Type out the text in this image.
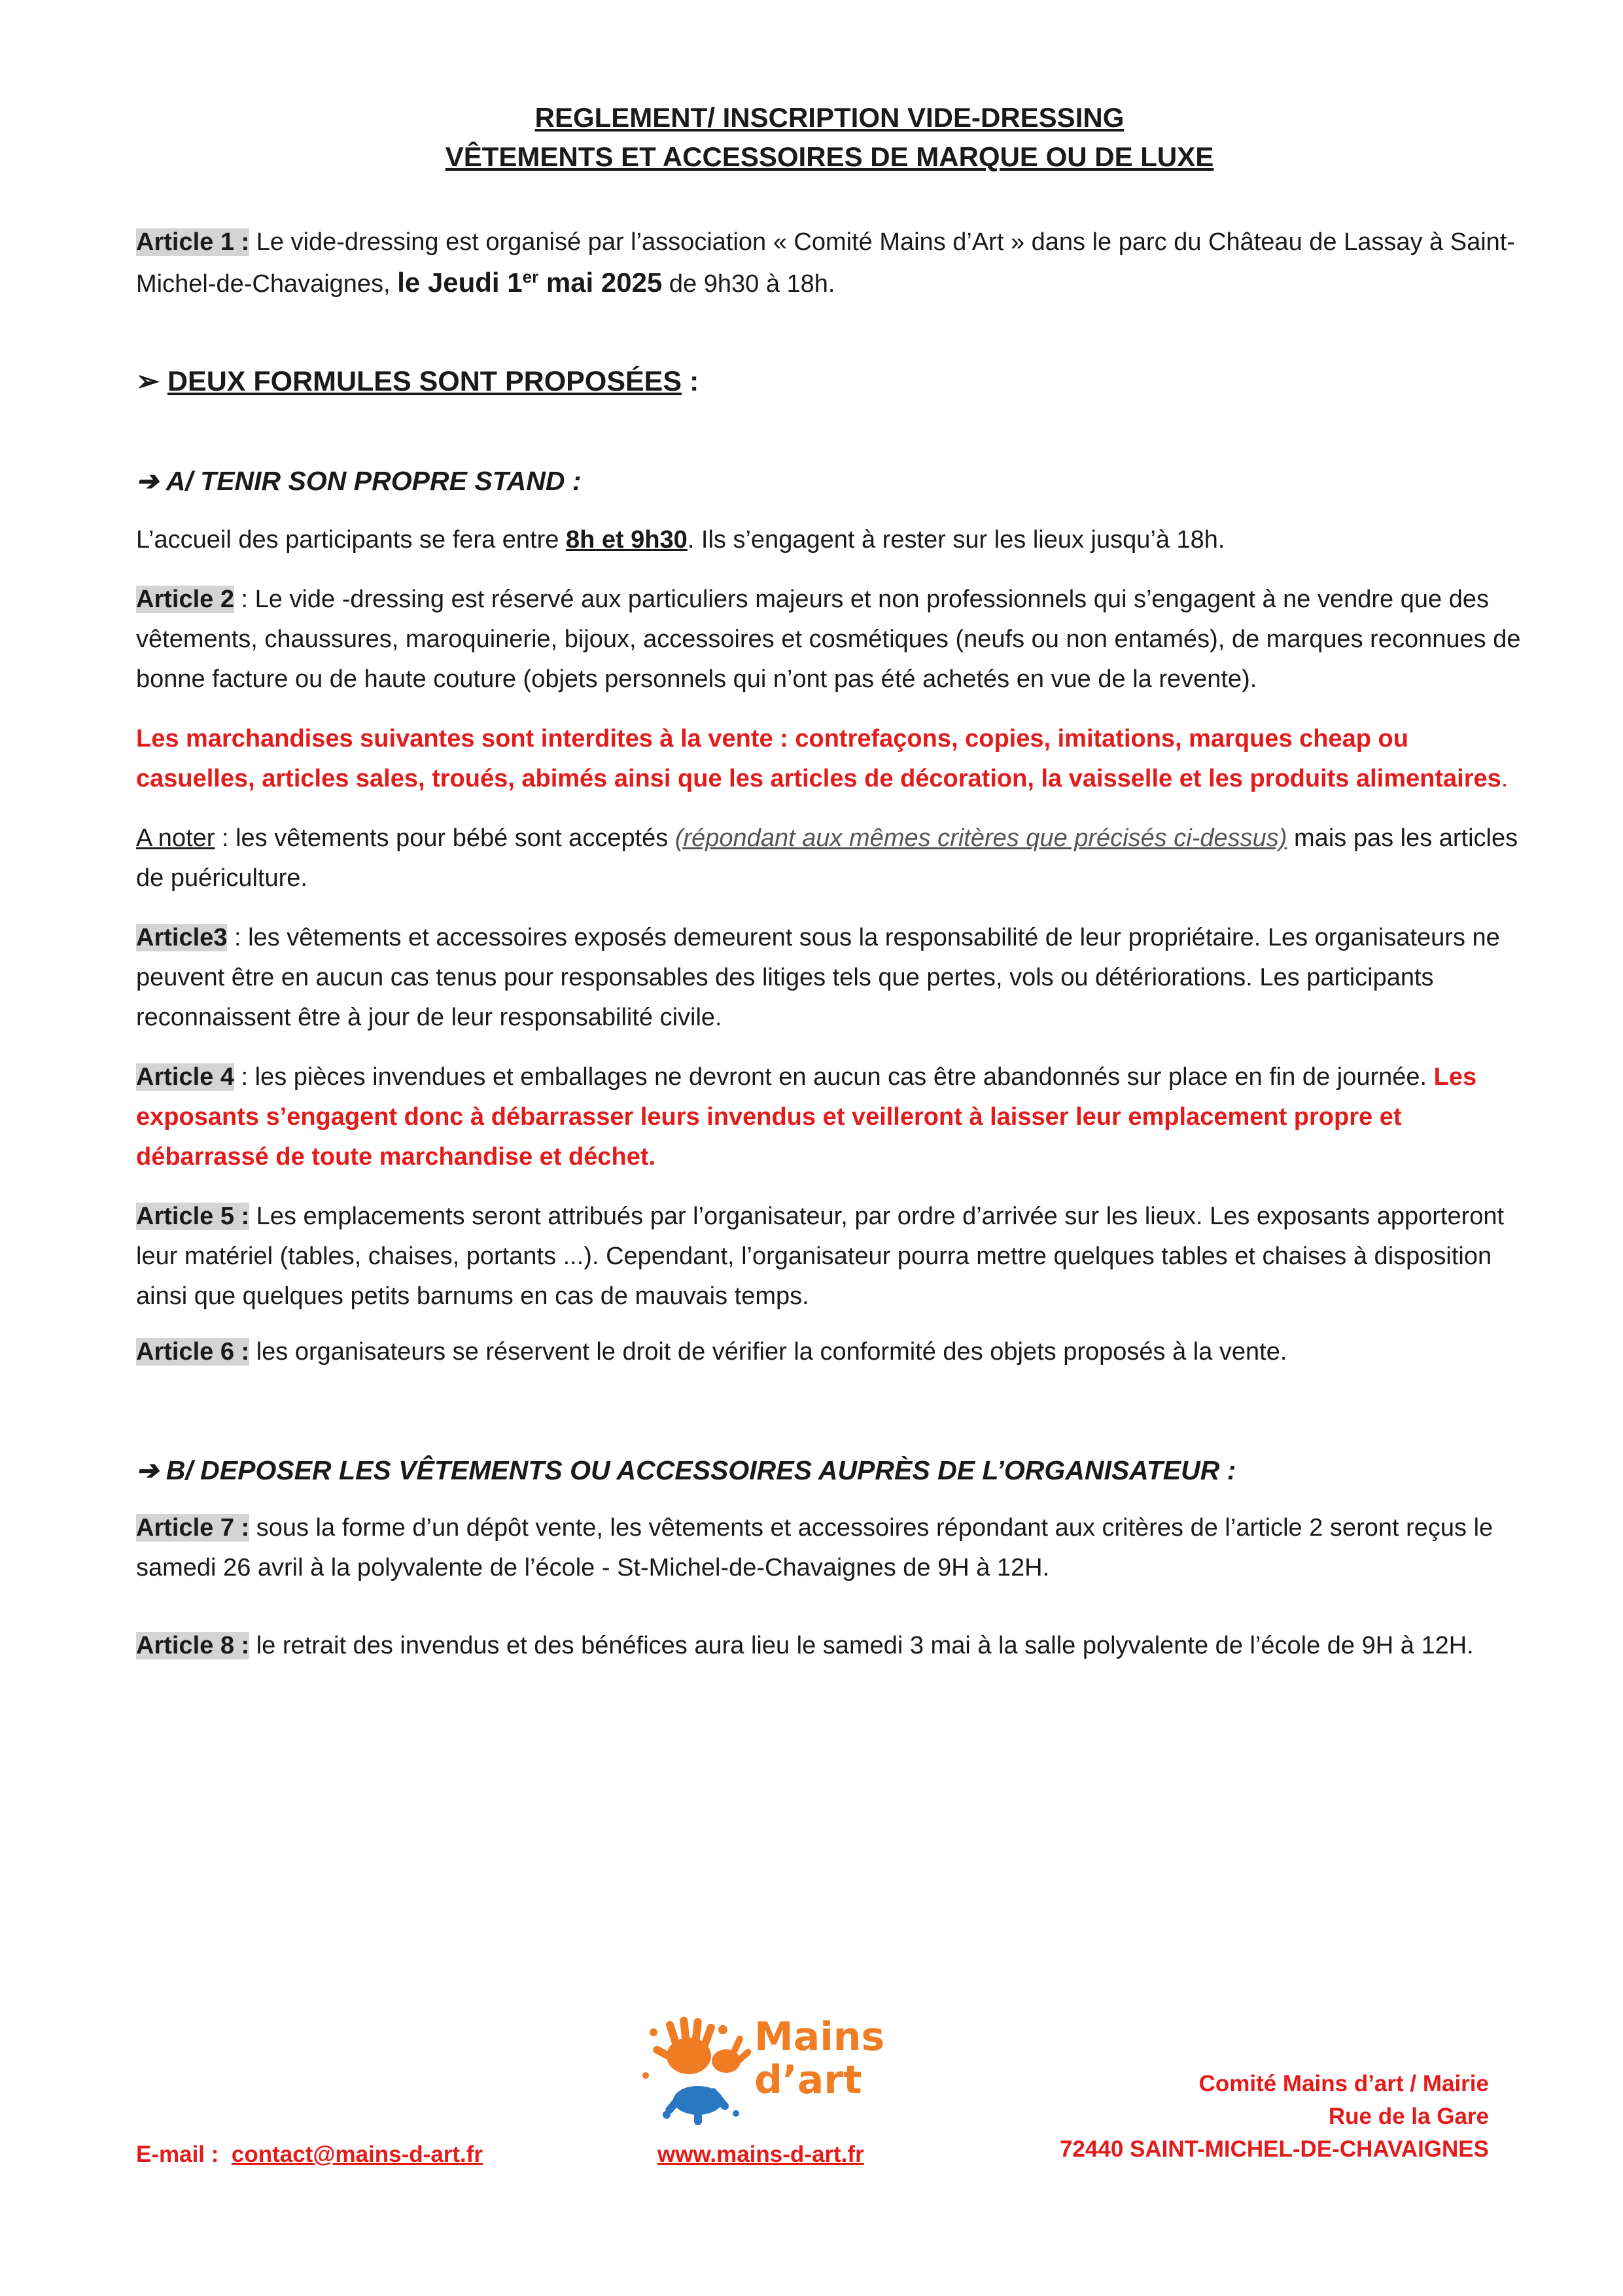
REGLEMENT/ INSCRIPTION VIDE-DRESSING
VÊTEMENTS ET ACCESSOIRES DE MARQUE OU DE LUXE

Article 1 : Le vide-dressing est organisé par l’association « Comité Mains d’Art » dans le parc du Château de Lassay à Saint-Michel-de-Chavaignes, le Jeudi 1er mai 2025 de 9h30 à 18h.

➢ DEUX FORMULES SONT PROPOSÉES :
➔ A/ TENIR SON PROPRE STAND :

L’accueil des participants se fera entre 8h et 9h30. Ils s’engagent à rester sur les lieux jusqu’à 18h.

Article 2 : Le vide -dressing est réservé aux particuliers majeurs et non professionnels qui s’engagent à ne vendre que des vêtements, chaussures, maroquinerie, bijoux, accessoires et cosmétiques (neufs ou non entamés), de marques reconnues de bonne facture ou de haute couture (objets personnels qui n’ont pas été achetés en vue de la revente).

Les marchandises suivantes sont interdites à la vente : contrefaçons, copies, imitations, marques cheap ou casuelles, articles sales, troués, abimés ainsi que les articles de décoration, la vaisselle et les produits alimentaires.

A noter : les vêtements pour bébé sont acceptés (répondant aux mêmes critères que précisés ci-dessus) mais pas les articles de puériculture.

Article3 : les vêtements et accessoires exposés demeurent sous la responsabilité de leur propriétaire. Les organisateurs ne peuvent être en aucun cas tenus pour responsables des litiges tels que pertes, vols ou détériorations. Les participants reconnaissent être à jour de leur responsabilité civile.

Article 4 : les pièces invendues et emballages ne devront en aucun cas être abandonnés sur place en fin de journée. Les exposants s’engagent donc à débarrasser leurs invendus et veilleront à laisser leur emplacement propre et débarrassé de toute marchandise et déchet.

Article 5 : Les emplacements seront attribués par l’organisateur, par ordre d’arrivée sur les lieux. Les exposants apporteront leur matériel (tables, chaises, portants ...). Cependant, l’organisateur pourra mettre quelques tables et chaises à disposition ainsi que quelques petits barnums en cas de mauvais temps.

Article 6 : les organisateurs se réservent le droit de vérifier la conformité des objets proposés à la vente.

➔ B/ DEPOSER LES VÊTEMENTS OU ACCESSOIRES AUPRÈS DE L’ORGANISATEUR :

Article 7 : sous la forme d’un dépôt vente, les vêtements et accessoires répondant aux critères de l’article 2 seront reçus le samedi 26 avril à la polyvalente de l’école - St-Michel-de-Chavaignes de 9H à 12H.

Article 8 : le retrait des invendus et des bénéfices aura lieu le samedi 3 mai à la salle polyvalente de l’école de 9H à 12H.

Mains
d’art
E-mail : contact@mains-d-art.fr	www.mains-d-art.fr
Comité Mains d’art / Mairie
Rue de la Gare
72440 SAINT-MICHEL-DE-CHAVAIGNES
